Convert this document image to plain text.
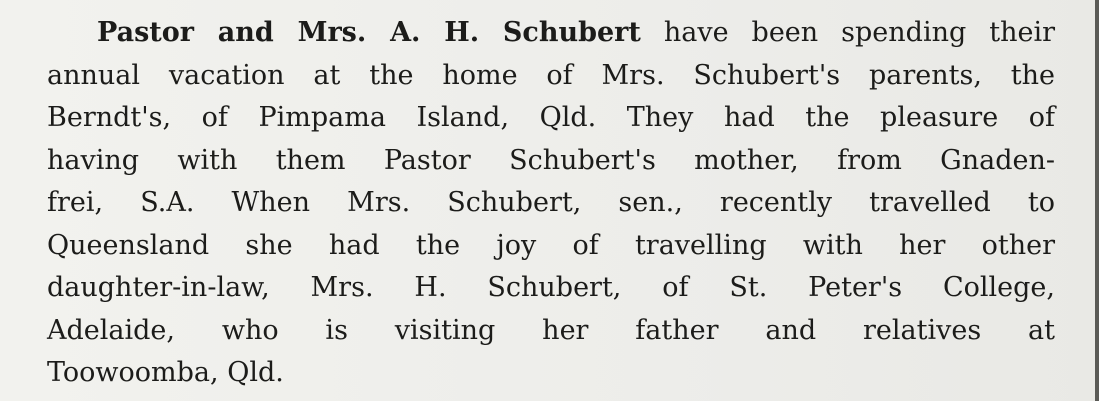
Pastor and Mrs. A. H. Schubert have been spending their
annual vacation at the home of Mrs. Schubert's parents, the
Berndt's, of Pimpama Island, Qld. They had the pleasure of
having with them Pastor Schubert's mother, from Gnaden-
frei, S.A. When Mrs. Schubert, sen., recently travelled to
Queensland she had the joy of travelling with her other
daughter-in-law, Mrs. H. Schubert, of St. Peter's College,
Adelaide, who is visiting her father and relatives at
Toowoomba, Qld.
